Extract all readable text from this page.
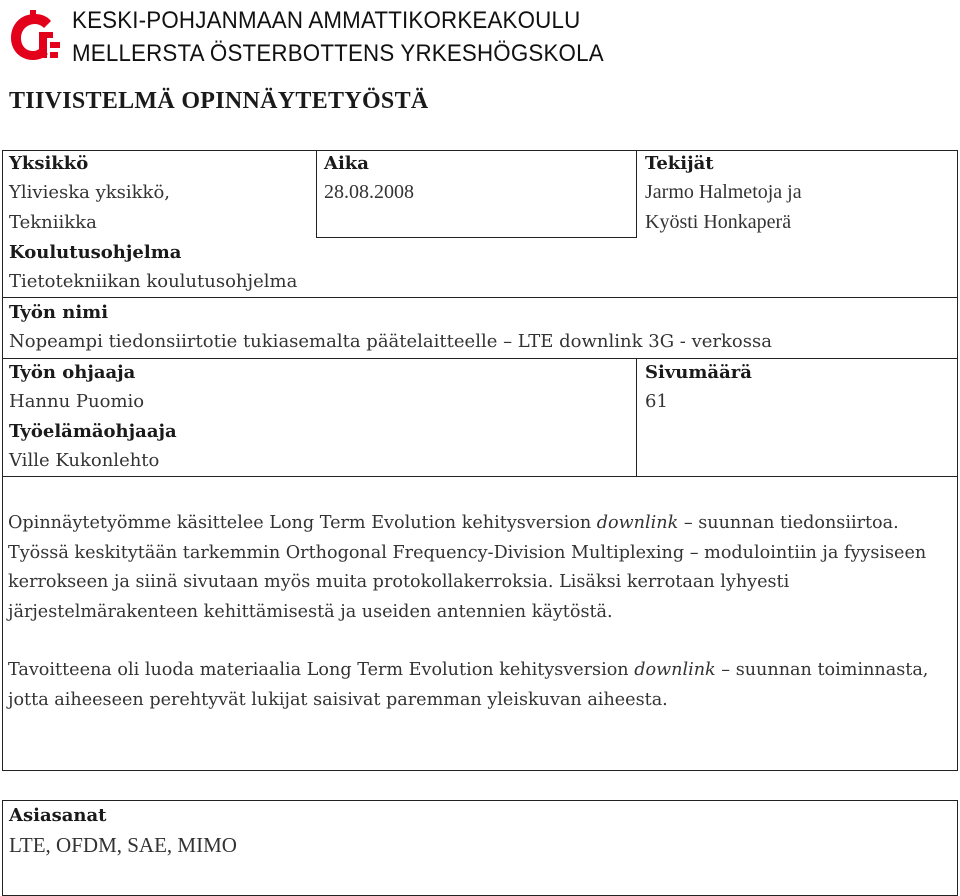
KESKI-POHJANMAAN AMMATTIKORKEAKOULU
MELLERSTA ÖSTERBOTTENS YRKESHÖGSKOLA
TIIVISTELMÄ OPINNÄYTETYÖSTÄ
Yksikkö
Ylivieska yksikkö,
Tekniikka
Aika
28.08.2008
Tekijät
Jarmo Halmetoja ja
Kyösti Honkaperä
Koulutusohjelma
Tietotekniikan koulutusohjelma
Työn nimi
Nopeampi tiedonsiirtotie tukiasemalta päätelaitteelle – LTE downlink 3G - verkossa
Työn ohjaaja
Hannu Puomio
Sivumäärä
61
Työelämäohjaaja
Ville Kukonlehto

Opinnäytetyömme käsittelee Long Term Evolution kehitysversion downlink – suunnan tiedonsiirtoa. Työssä keskitytään tarkemmin Orthogonal Frequency-Division Multiplexing – modulointiin ja fyysiseen kerrokseen ja siinä sivutaan myös muita protokollakerroksia. Lisäksi kerrotaan lyhyesti järjestelmärakenteen kehittämisestä ja useiden antennien käytöstä.

Tavoitteena oli luoda materiaalia Long Term Evolution kehitysversion downlink – suunnan toiminnasta, jotta aiheeseen perehtyvät lukijat saisivat paremman yleiskuvan aiheesta.

Asiasanat
LTE, OFDM, SAE, MIMO
